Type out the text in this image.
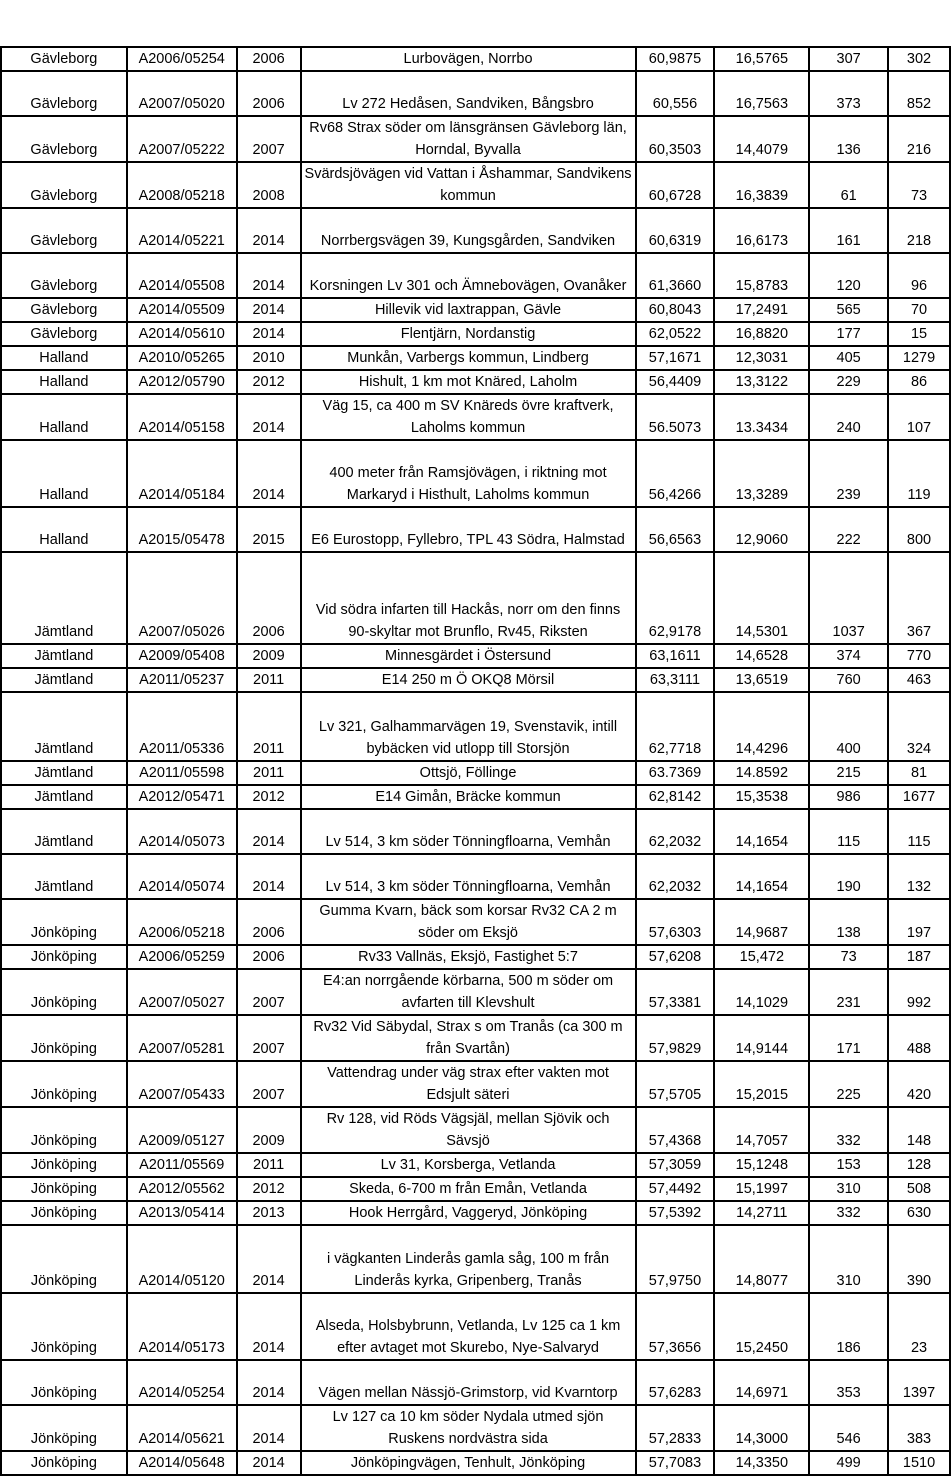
Gävleborg	A2006/05254	2006	Lurbovägen, Norrbo	60,9875	16,5765	307	302
Gävleborg	A2007/05020	2006	Lv 272 Hedåsen, Sandviken, Bångsbro	60,556	16,7563	373	852
Gävleborg	A2007/05222	2007	Rv68 Strax söder om länsgränsen Gävleborg län, Horndal, Byvalla	60,3503	14,4079	136	216
Gävleborg	A2008/05218	2008	Svärdsjövägen vid Vattan i Åshammar, Sandvikens kommun	60,6728	16,3839	61	73
Gävleborg	A2014/05221	2014	Norrbergsvägen 39, Kungsgården, Sandviken	60,6319	16,6173	161	218
Gävleborg	A2014/05508	2014	Korsningen Lv 301 och Ämnebovägen, Ovanåker	61,3660	15,8783	120	96
Gävleborg	A2014/05509	2014	Hillevik vid laxtrappan, Gävle	60,8043	17,2491	565	70
Gävleborg	A2014/05610	2014	Flentjärn, Nordanstig	62,0522	16,8820	177	15
Halland	A2010/05265	2010	Munkån, Varbergs kommun, Lindberg	57,1671	12,3031	405	1279
Halland	A2012/05790	2012	Hishult, 1 km mot Knäred, Laholm	56,4409	13,3122	229	86
Halland	A2014/05158	2014	Väg 15, ca 400 m SV Knäreds övre kraftverk, Laholms kommun	56.5073	13.3434	240	107
Halland	A2014/05184	2014	400 meter från Ramsjövägen, i riktning mot Markaryd i Histhult, Laholms kommun	56,4266	13,3289	239	119
Halland	A2015/05478	2015	E6 Eurostopp, Fyllebro, TPL 43 Södra, Halmstad	56,6563	12,9060	222	800
Jämtland	A2007/05026	2006	Vid södra infarten till Hackås, norr om den finns 90-skyltar mot Brunflo, Rv45, Riksten	62,9178	14,5301	1037	367
Jämtland	A2009/05408	2009	Minnesgärdet i Östersund	63,1611	14,6528	374	770
Jämtland	A2011/05237	2011	E14 250 m Ö OKQ8 Mörsil	63,3111	13,6519	760	463
Jämtland	A2011/05336	2011	Lv 321, Galhammarvägen 19, Svenstavik, intill bybäcken vid utlopp till Storsjön	62,7718	14,4296	400	324
Jämtland	A2011/05598	2011	Ottsjö, Föllinge	63.7369	14.8592	215	81
Jämtland	A2012/05471	2012	E14 Gimån, Bräcke kommun	62,8142	15,3538	986	1677
Jämtland	A2014/05073	2014	Lv 514, 3 km söder Tönningfloarna, Vemhån	62,2032	14,1654	115	115
Jämtland	A2014/05074	2014	Lv 514, 3 km söder Tönningfloarna, Vemhån	62,2032	14,1654	190	132
Jönköping	A2006/05218	2006	Gumma Kvarn, bäck som korsar Rv32 CA 2 m söder om Eksjö	57,6303	14,9687	138	197
Jönköping	A2006/05259	2006	Rv33 Vallnäs, Eksjö, Fastighet 5:7	57,6208	15,472	73	187
Jönköping	A2007/05027	2007	E4:an norrgående körbarna, 500 m söder om avfarten till Klevshult	57,3381	14,1029	231	992
Jönköping	A2007/05281	2007	Rv32 Vid Säbydal, Strax s om Tranås (ca 300 m från Svartån)	57,9829	14,9144	171	488
Jönköping	A2007/05433	2007	Vattendrag under väg strax efter vakten mot Edsjult säteri	57,5705	15,2015	225	420
Jönköping	A2009/05127	2009	Rv 128, vid Röds Vägsjäl, mellan Sjövik och Sävsjö	57,4368	14,7057	332	148
Jönköping	A2011/05569	2011	Lv 31, Korsberga, Vetlanda	57,3059	15,1248	153	128
Jönköping	A2012/05562	2012	Skeda, 6-700 m från Emån, Vetlanda	57,4492	15,1997	310	508
Jönköping	A2013/05414	2013	Hook Herrgård, Vaggeryd, Jönköping	57,5392	14,2711	332	630
Jönköping	A2014/05120	2014	i vägkanten Linderås gamla såg, 100 m från Linderås kyrka, Gripenberg, Tranås	57,9750	14,8077	310	390
Jönköping	A2014/05173	2014	Alseda, Holsbybrunn, Vetlanda, Lv 125 ca 1 km efter avtaget mot Skurebo, Nye-Salvaryd	57,3656	15,2450	186	23
Jönköping	A2014/05254	2014	Vägen mellan Nässjö-Grimstorp, vid Kvarntorp	57,6283	14,6971	353	1397
Jönköping	A2014/05621	2014	Lv 127 ca 10 km söder Nydala utmed sjön Ruskens nordvästra sida	57,2833	14,3000	546	383
Jönköping	A2014/05648	2014	Jönköpingvägen, Tenhult, Jönköping	57,7083	14,3350	499	1510
